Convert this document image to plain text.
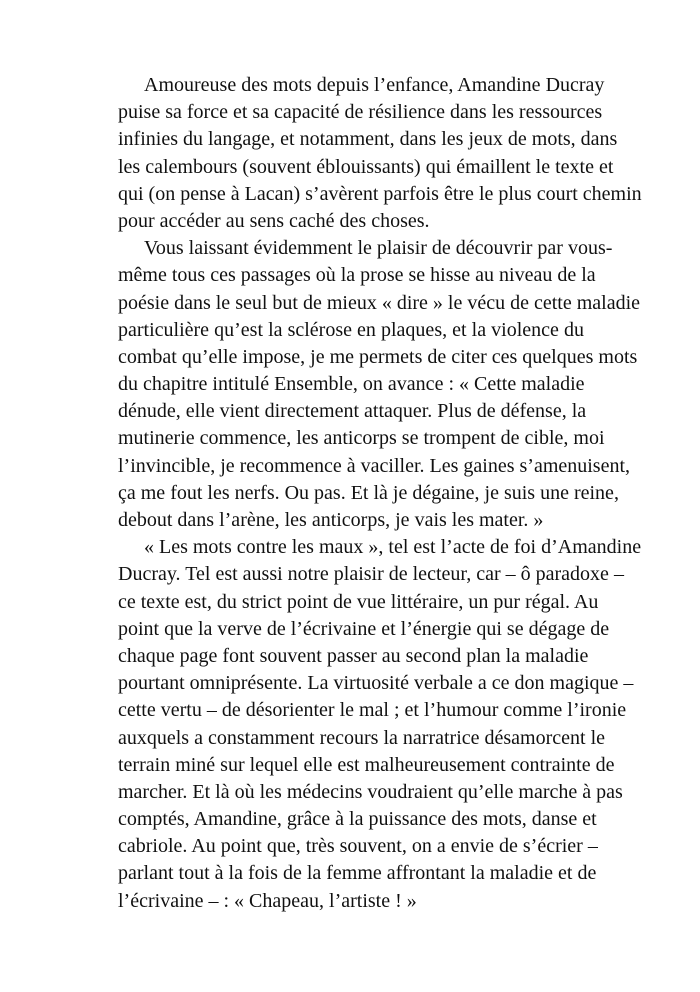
Amoureuse des mots depuis l’enfance, Amandine Ducray
puise sa force et sa capacité de résilience dans les ressources
infinies du langage, et notamment, dans les jeux de mots, dans
les calembours (souvent éblouissants) qui émaillent le texte et
qui (on pense à Lacan) s’avèrent parfois être le plus court chemin
pour accéder au sens caché des choses.
Vous laissant évidemment le plaisir de découvrir par vous-
même tous ces passages où la prose se hisse au niveau de la
poésie dans le seul but de mieux « dire » le vécu de cette maladie
particulière qu’est la sclérose en plaques, et la violence du
combat qu’elle impose, je me permets de citer ces quelques mots
du chapitre intitulé Ensemble, on avance : « Cette maladie
dénude, elle vient directement attaquer. Plus de défense, la
mutinerie commence, les anticorps se trompent de cible, moi
l’invincible, je recommence à vaciller. Les gaines s’amenuisent,
ça me fout les nerfs. Ou pas. Et là je dégaine, je suis une reine,
debout dans l’arène, les anticorps, je vais les mater. »
« Les mots contre les maux », tel est l’acte de foi d’Amandine
Ducray. Tel est aussi notre plaisir de lecteur, car – ô paradoxe –
ce texte est, du strict point de vue littéraire, un pur régal. Au
point que la verve de l’écrivaine et l’énergie qui se dégage de
chaque page font souvent passer au second plan la maladie
pourtant omniprésente. La virtuosité verbale a ce don magique –
cette vertu – de désorienter le mal ; et l’humour comme l’ironie
auxquels a constamment recours la narratrice désamorcent le
terrain miné sur lequel elle est malheureusement contrainte de
marcher. Et là où les médecins voudraient qu’elle marche à pas
comptés, Amandine, grâce à la puissance des mots, danse et
cabriole. Au point que, très souvent, on a envie de s’écrier –
parlant tout à la fois de la femme affrontant la maladie et de
l’écrivaine – : « Chapeau, l’artiste ! »
